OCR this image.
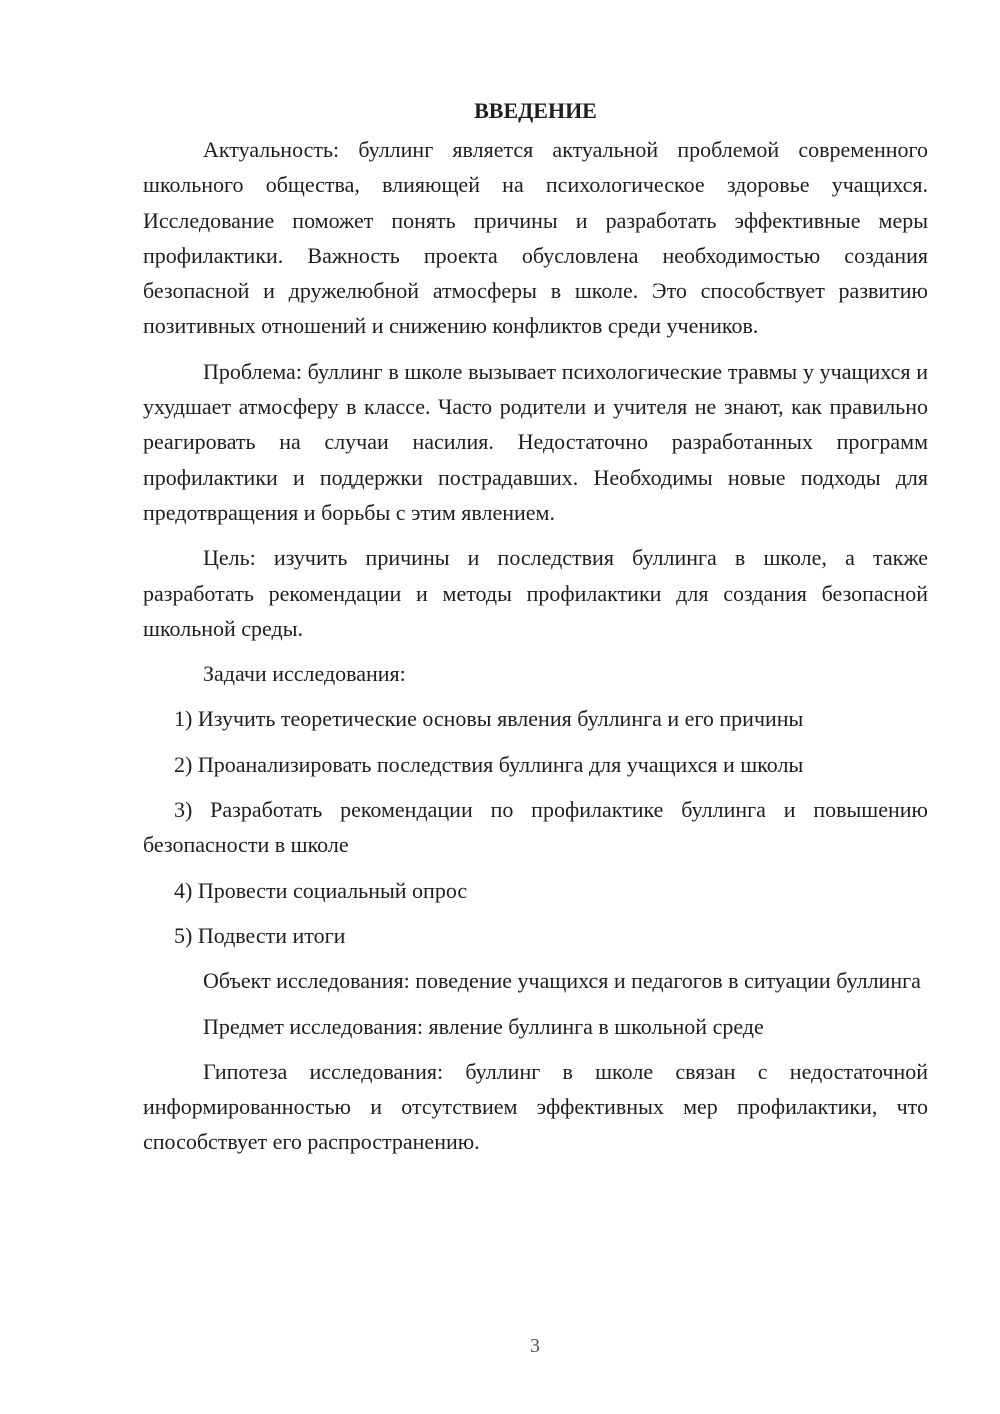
ВВЕДЕНИЕ

Актуальность: буллинг является актуальной проблемой современного школьного общества, влияющей на психологическое здоровье учащихся. Исследование поможет понять причины и разработать эффективные меры профилактики. Важность проекта обусловлена необходимостью создания безопасной и дружелюбной атмосферы в школе. Это способствует развитию позитивных отношений и снижению конфликтов среди учеников.

Проблема: буллинг в школе вызывает психологические травмы у учащихся и ухудшает атмосферу в классе. Часто родители и учителя не знают, как правильно реагировать на случаи насилия. Недостаточно разработанных программ профилактики и поддержки пострадавших. Необходимы новые подходы для предотвращения и борьбы с этим явлением.

Цель: изучить причины и последствия буллинга в школе, а также разработать рекомендации и методы профилактики для создания безопасной школьной среды.

Задачи исследования:

1) Изучить теоретические основы явления буллинга и его причины

2) Проанализировать последствия буллинга для учащихся и школы

3) Разработать рекомендации по профилактике буллинга и повышению безопасности в школе

4) Провести социальный опрос

5) Подвести итоги

Объект исследования: поведение учащихся и педагогов в ситуации буллинга

Предмет исследования: явление буллинга в школьной среде

Гипотеза исследования: буллинг в школе связан с недостаточной информированностью и отсутствием эффективных мер профилактики, что способствует его распространению.

3
